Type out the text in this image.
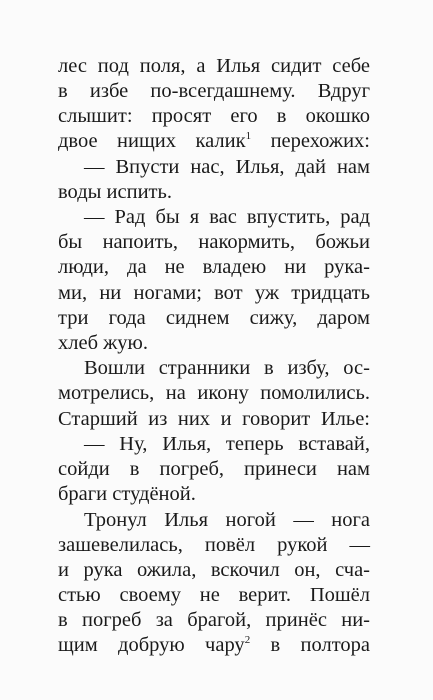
лес под поля, а Илья сидит себе
в избе по-всегдашнему. Вдруг
слышит: просят его в окошко
двое нищих калик$^1$ перехожих:
— Впусти нас, Илья, дай нам
воды испить.
— Рад бы я вас впустить, рад
бы напоить, накормить, божьи
люди, да не владею ни рука-
ми, ни ногами; вот уж тридцать
три года сиднем сижу, даром
хлеб жую.
Вошли странники в избу, ос-
мотрелись, на икону помолились.
Старший из них и говорит Илье:
— Ну, Илья, теперь вставай,
сойди в погреб, принеси нам
браги студёной.
Тронул Илья ногой — нога
зашевелилась, повёл рукой —
и рука ожила, вскочил он, сча-
стью своему не верит. Пошёл
в погреб за брагой, принёс ни-
щим добрую чару$^2$ в полтора
